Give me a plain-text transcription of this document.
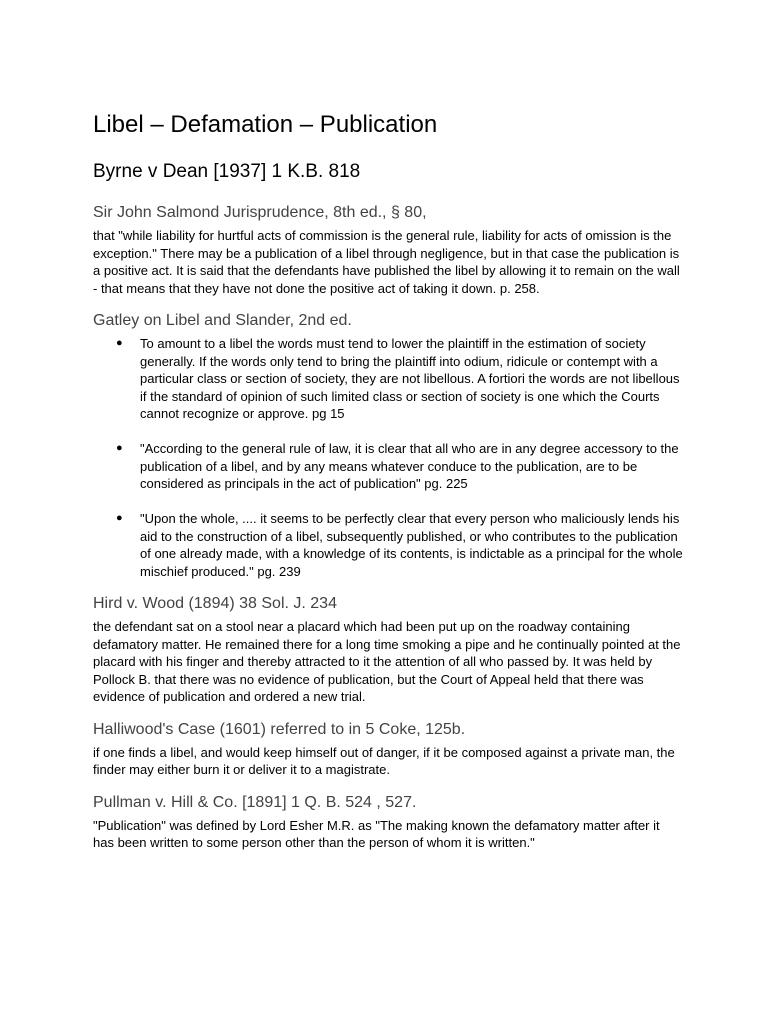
Libel – Defamation – Publication
Byrne v Dean [1937] 1 K.B. 818
Sir John Salmond Jurisprudence, 8th ed., § 80,

that "while liability for hurtful acts of commission is the general rule, liability for acts of omission is the exception." There may be a publication of a libel through negligence, but in that case the publication is a positive act. It is said that the defendants have published the libel by allowing it to remain on the wall - that means that they have not done the positive act of taking it down. p. 258.

Gatley on Libel and Slander, 2nd ed.
● To amount to a libel the words must tend to lower the plaintiff in the estimation of society generally. If the words only tend to bring the plaintiff into odium, ridicule or contempt with a particular class or section of society, they are not libellous. A fortiori the words are not libellous if the standard of opinion of such limited class or section of society is one which the Courts cannot recognize or approve. pg 15
● "According to the general rule of law, it is clear that all who are in any degree accessory to the publication of a libel, and by any means whatever conduce to the publication, are to be considered as principals in the act of publication" pg. 225
● "Upon the whole, .... it seems to be perfectly clear that every person who maliciously lends his aid to the construction of a libel, subsequently published, or who contributes to the publication of one already made, with a knowledge of its contents, is indictable as a principal for the whole mischief produced." pg. 239
Hird v. Wood (1894) 38 Sol. J. 234

the defendant sat on a stool near a placard which had been put up on the roadway containing defamatory matter. He remained there for a long time smoking a pipe and he continually pointed at the placard with his finger and thereby attracted to it the attention of all who passed by. It was held by Pollock B. that there was no evidence of publication, but the Court of Appeal held that there was evidence of publication and ordered a new trial.

Halliwood's Case (1601) referred to in 5 Coke, 125b.

if one finds a libel, and would keep himself out of danger, if it be composed against a private man, the finder may either burn it or deliver it to a magistrate.

Pullman v. Hill & Co. [1891] 1 Q. B. 524 , 527.

"Publication" was defined by Lord Esher M.R. as "The making known the defamatory matter after it has been written to some person other than the person of whom it is written."
